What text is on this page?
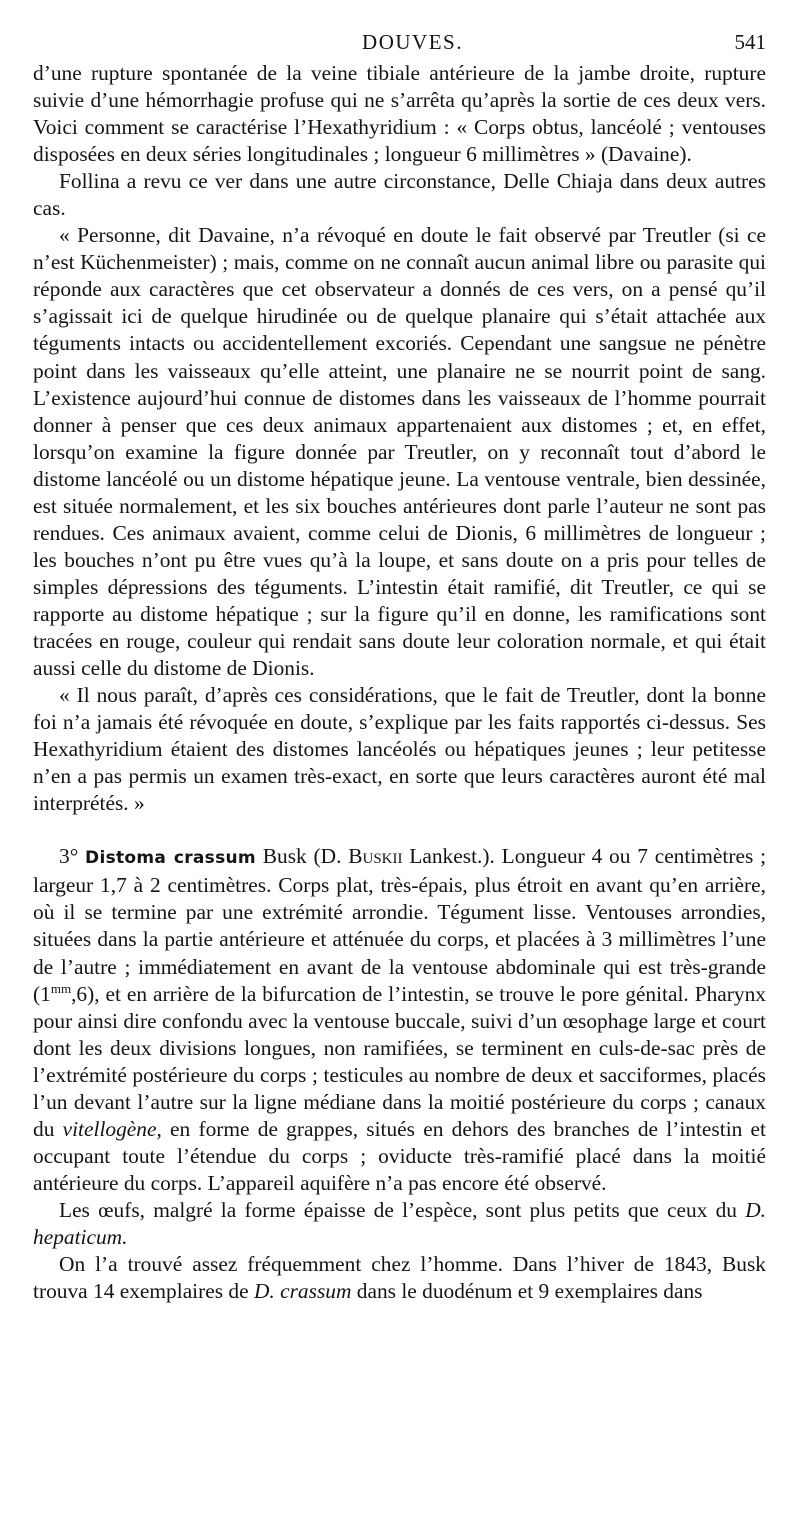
DOUVES.	541

d’une rupture spontanée de la veine tibiale antérieure de la jambe droite, rupture suivie d’une hémorrhagie profuse qui ne s’arrêta qu’après la sortie de ces deux vers. Voici comment se caractérise l’Hexathyridium : « Corps obtus, lancéolé ; ventouses disposées en deux séries longitudinales ; longueur 6 millimètres » (Davaine).

Follina a revu ce ver dans une autre circonstance, Delle Chiaja dans deux autres cas.

« Personne, dit Davaine, n’a révoqué en doute le fait observé par Treutler (si ce n’est Küchenmeister) ; mais, comme on ne connaît aucun animal libre ou parasite qui réponde aux caractères que cet observateur a donnés de ces vers, on a pensé qu’il s’agissait ici de quelque hirudinée ou de quelque planaire qui s’était attachée aux téguments intacts ou accidentellement excoriés. Cependant une sangsue ne pénètre point dans les vaisseaux qu’elle atteint, une planaire ne se nourrit point de sang. L’existence aujourd’hui connue de distomes dans les vaisseaux de l’homme pourrait donner à penser que ces deux animaux appartenaient aux distomes ; et, en effet, lorsqu’on examine la figure donnée par Treutler, on y reconnaît tout d’abord le distome lancéolé ou un distome hépatique jeune. La ventouse ventrale, bien dessinée, est située normalement, et les six bouches antérieures dont parle l’auteur ne sont pas rendues. Ces animaux avaient, comme celui de Dionis, 6 millimètres de longueur ; les bouches n’ont pu être vues qu’à la loupe, et sans doute on a pris pour telles de simples dépressions des téguments. L’intestin était ramifié, dit Treutler, ce qui se rapporte au distome hépatique ; sur la figure qu’il en donne, les ramifications sont tracées en rouge, couleur qui rendait sans doute leur coloration normale, et qui était aussi celle du distome de Dionis.

« Il nous paraît, d’après ces considérations, que le fait de Treutler, dont la bonne foi n’a jamais été révoquée en doute, s’explique par les faits rapportés ci-dessus. Ses Hexathyridium étaient des distomes lancéolés ou hépatiques jeunes ; leur petitesse n’en a pas permis un examen très-exact, en sorte que leurs caractères auront été mal interprétés. »

3° Distoma crassum Busk (D. Buskii Lankest.). Longueur 4 ou 7 centimètres ; largeur 1,7 à 2 centimètres. Corps plat, très-épais, plus étroit en avant qu’en arrière, où il se termine par une extrémité arrondie. Tégument lisse. Ventouses arrondies, situées dans la partie antérieure et atténuée du corps, et placées à 3 millimètres l’une de l’autre ; immédiatement en avant de la ventouse abdominale qui est très-grande $(1^{mm},6)$, et en arrière de la bifurcation de l’intestin, se trouve le pore génital. Pharynx pour ainsi dire confondu avec la ventouse buccale, suivi d’un œsophage large et court dont les deux divisions longues, non ramifiées, se terminent en culs-de-sac près de l’extrémité postérieure du corps ; testicules au nombre de deux et sacciformes, placés l’un devant l’autre sur la ligne médiane dans la moitié postérieure du corps ; canaux du vitellogène, en forme de grappes, situés en dehors des branches de l’intestin et occupant toute l’étendue du corps ; oviducte très-ramifié placé dans la moitié antérieure du corps. L’appareil aquifère n’a pas encore été observé.

Les œufs, malgré la forme épaisse de l’espèce, sont plus petits que ceux du D. hepaticum.

On l’a trouvé assez fréquemment chez l’homme. Dans l’hiver de 1843, Busk trouva 14 exemplaires de D. crassum dans le duodénum et 9 exemplaires dans
